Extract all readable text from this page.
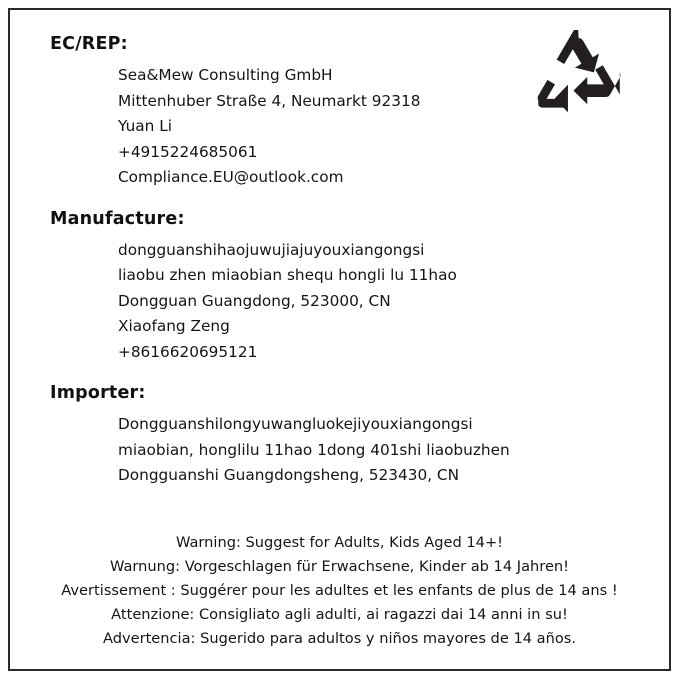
EC/REP:
Sea&Mew Consulting GmbH
Mittenhuber Straße 4, Neumarkt 92318
Yuan Li
+4915224685061
Compliance.EU@outlook.com
Manufacture:
dongguanshihaojuwujiajuyouxiangongsi
liaobu zhen miaobian shequ hongli lu 11hao
Dongguan Guangdong, 523000, CN
Xiaofang Zeng
+8616620695121
Importer:
Dongguanshilongyuwangluokejiyouxiangongsi
miaobian, honglilu 11hao 1dong 401shi liaobuzhen
Dongguanshi Guangdongsheng, 523430, CN
Warning: Suggest for Adults, Kids Aged 14+!
Warnung: Vorgeschlagen für Erwachsene, Kinder ab 14 Jahren!
Avertissement : Suggérer pour les adultes et les enfants de plus de 14 ans !
Attenzione: Consigliato agli adulti, ai ragazzi dai 14 anni in su!
Advertencia: Sugerido para adultos y niños mayores de 14 años.
